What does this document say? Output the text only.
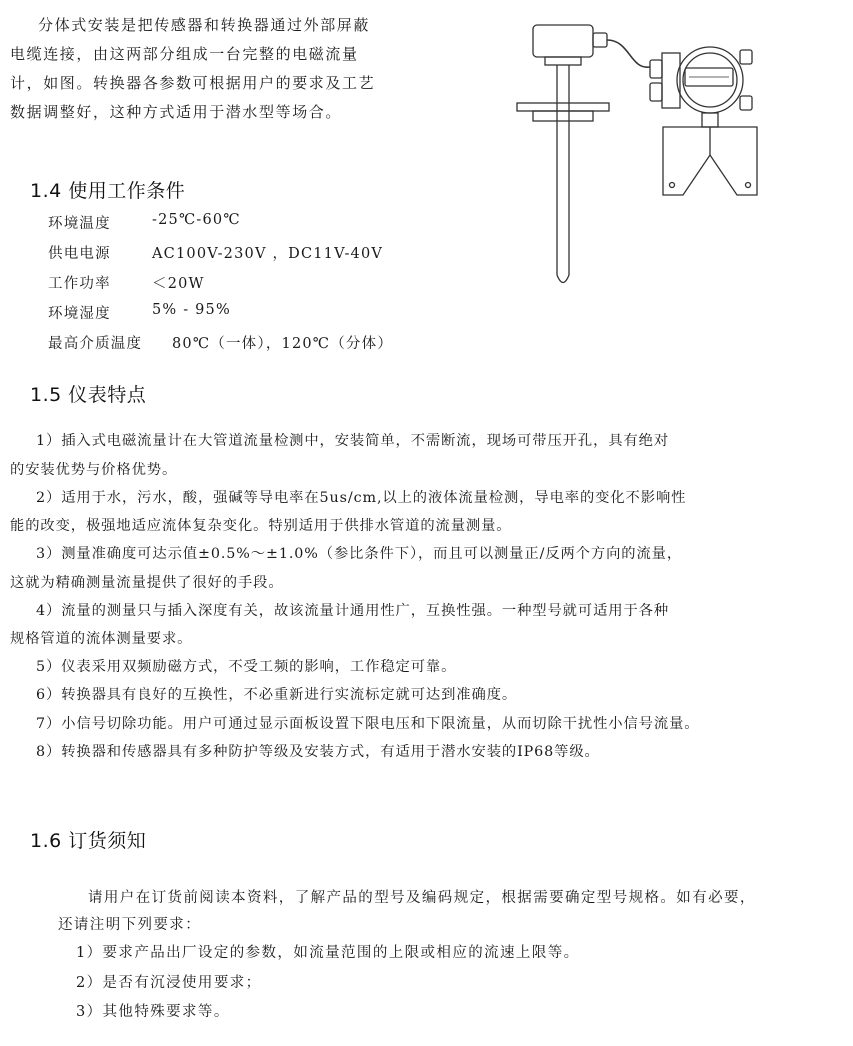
分体式安装是把传感器和转换器通过外部屏蔽
电缆连接，由这两部分组成一台完整的电磁流量
计，如图。转换器各参数可根据用户的要求及工艺
数据调整好，这种方式适用于潜水型等场合。
1.4 使用工作条件
环境温度	-25℃-60℃
供电电源	AC100V-230V ，DC11V-40V
工作功率	＜20W
环境湿度	5% - 95%
最高介质温度 80℃（一体），120℃（分体）
1.5 仪表特点
1）插入式电磁流量计在大管道流量检测中，安装简单，不需断流，现场可带压开孔，具有绝对
的安装优势与价格优势。
2）适用于水，污水，酸，强碱等导电率在5us/cm,以上的液体流量检测，导电率的变化不影响性
能的改变，极强地适应流体复杂变化。特别适用于供排水管道的流量测量。
3）测量准确度可达示值±0.5%～±1.0%（参比条件下），而且可以测量正/反两个方向的流量，
这就为精确测量流量提供了很好的手段。
4）流量的测量只与插入深度有关，故该流量计通用性广，互换性强。一种型号就可适用于各种
规格管道的流体测量要求。
5）仪表采用双频励磁方式，不受工频的影响，工作稳定可靠。
6）转换器具有良好的互换性，不必重新进行实流标定就可达到准确度。
7）小信号切除功能。用户可通过显示面板设置下限电压和下限流量，从而切除干扰性小信号流量。
8）转换器和传感器具有多种防护等级及安装方式，有适用于潜水安装的IP68等级。
1.6 订货须知
请用户在订货前阅读本资料，了解产品的型号及编码规定，根据需要确定型号规格。如有必要，
还请注明下列要求：
1）要求产品出厂设定的参数，如流量范围的上限或相应的流速上限等。
2）是否有沉浸使用要求；
3）其他特殊要求等。
